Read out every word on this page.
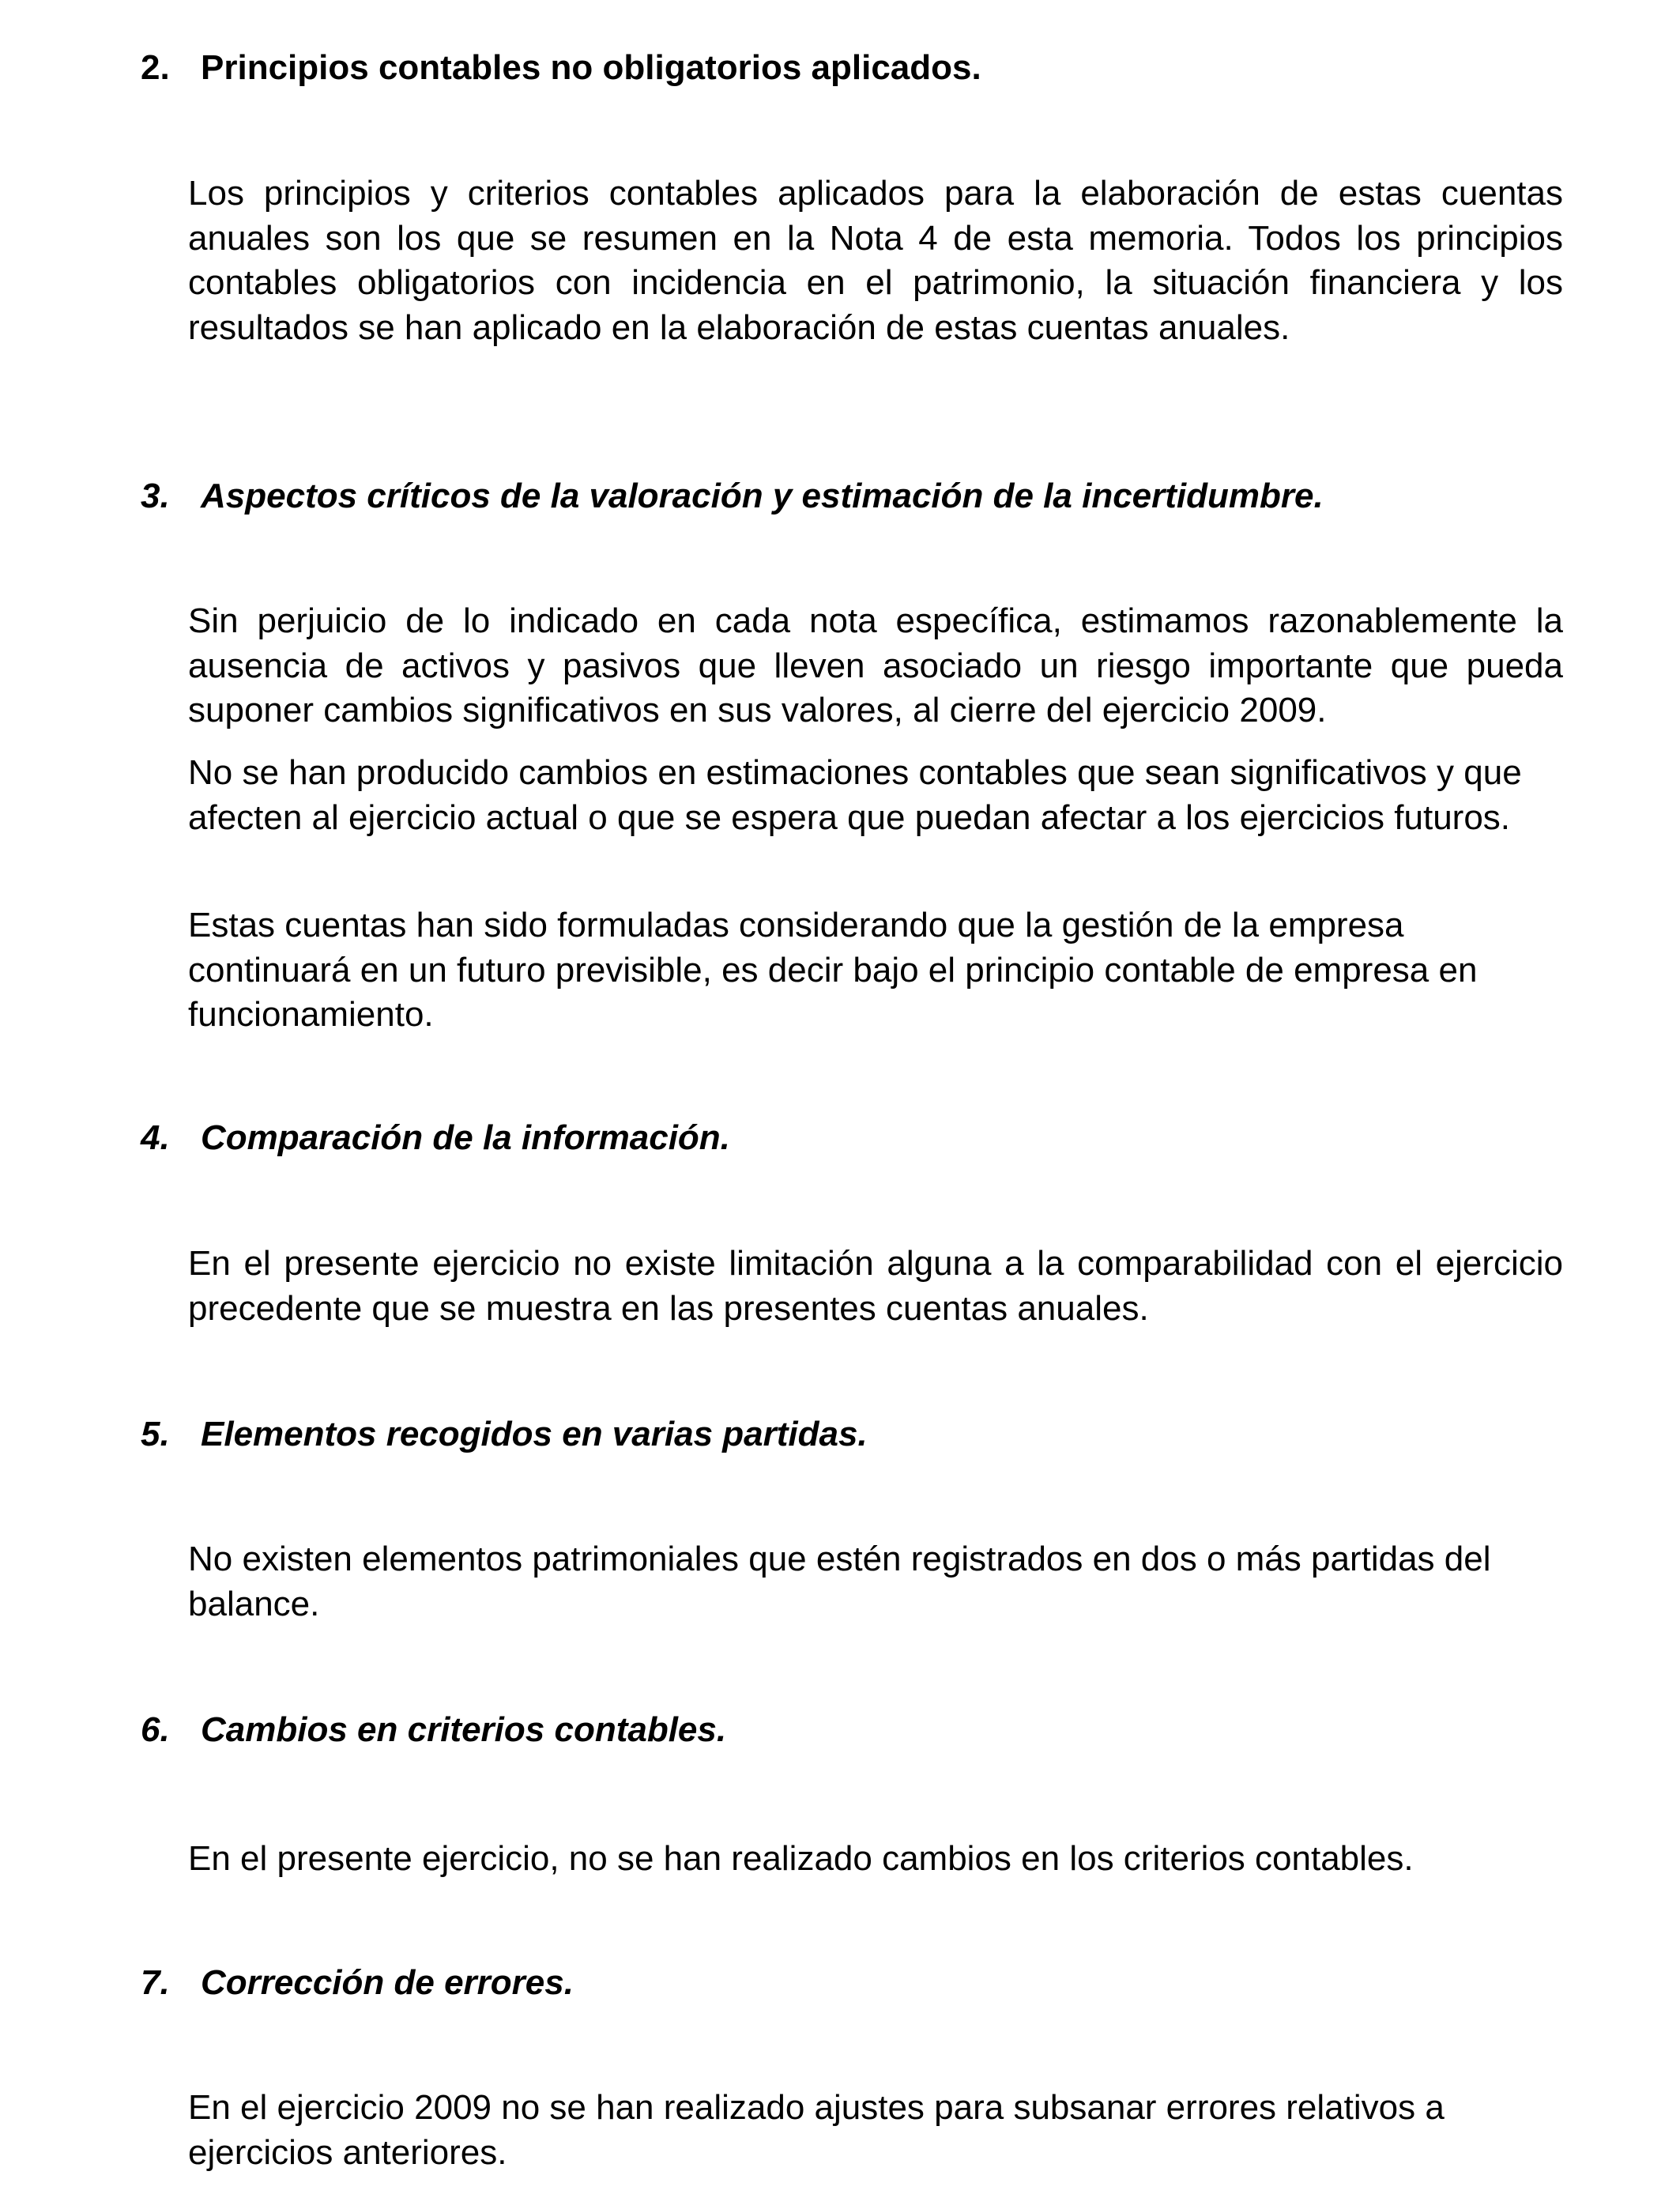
2. Principios contables no obligatorios aplicados.

Los principios y criterios contables aplicados para la elaboración de estas cuentas anuales son los que se resumen en la Nota 4 de esta memoria. Todos los principios contables obligatorios con incidencia en el patrimonio, la situación financiera y los resultados se han aplicado en la elaboración de estas cuentas anuales.

3. Aspectos críticos de la valoración y estimación de la incertidumbre.

Sin perjuicio de lo indicado en cada nota específica, estimamos razonablemente la ausencia de activos y pasivos que lleven asociado un riesgo importante que pueda suponer cambios significativos en sus valores, al cierre del ejercicio 2009.

No se han producido cambios en estimaciones contables que sean significativos y que afecten al ejercicio actual o que se espera que puedan afectar a los ejercicios futuros.

Estas cuentas han sido formuladas considerando que la gestión de la empresa continuará en un futuro previsible, es decir bajo el principio contable de empresa en funcionamiento.

4. Comparación de la información.

En el presente ejercicio no existe limitación alguna a la comparabilidad con el ejercicio precedente que se muestra en las presentes cuentas anuales.

5. Elementos recogidos en varias partidas.

No existen elementos patrimoniales que estén registrados en dos o más partidas del balance.

6. Cambios en criterios contables.

En el presente ejercicio, no se han realizado cambios en los criterios contables.

7. Corrección de errores.

En el ejercicio 2009 no se han realizado ajustes para subsanar errores relativos a ejercicios anteriores.
